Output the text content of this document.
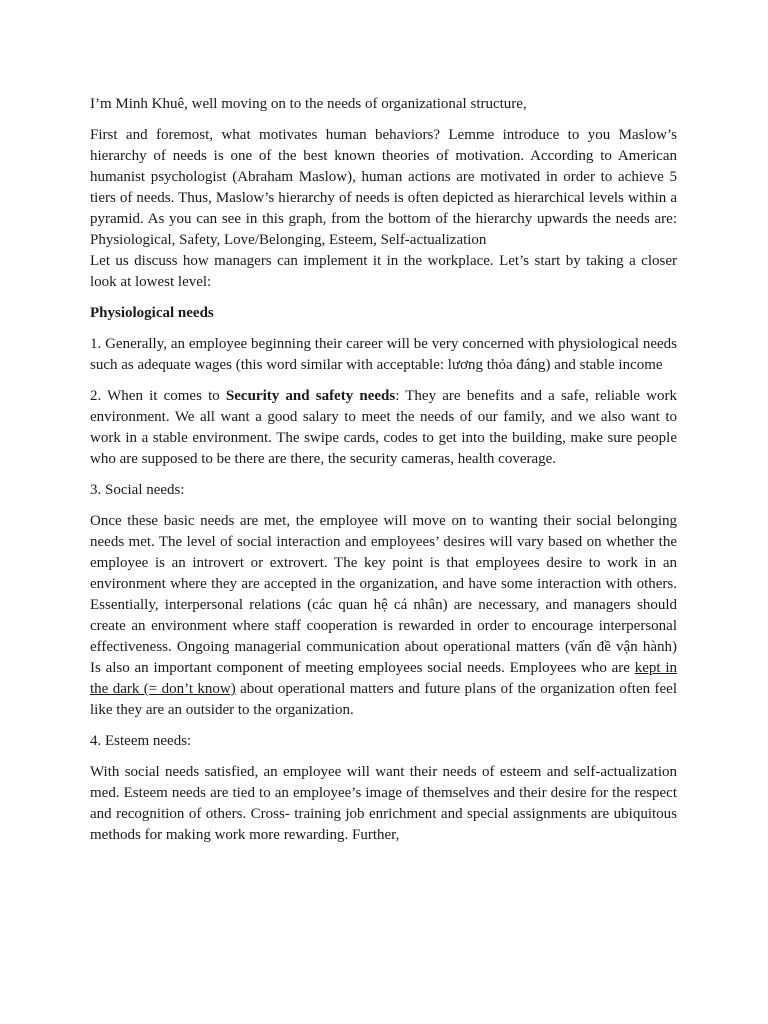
I’m Minh Khuê, well moving on to the needs of organizational structure,

First and foremost, what motivates human behaviors? Lemme introduce to you Maslow’s hierarchy of needs is one of the best known theories of motivation. According to American humanist psychologist (Abraham Maslow), human actions are motivated in order to achieve 5 tiers of needs. Thus, Maslow’s hierarchy of needs is often depicted as hierarchical levels within a pyramid. As you can see in this graph, from the bottom of the hierarchy upwards the needs are: Physiological, Safety, Love/Belonging, Esteem, Self-actualization

Let us discuss how managers can implement it in the workplace. Let’s start by taking a closer look at lowest level:

Physiological needs

1. Generally, an employee beginning their career will be very concerned with physiological needs such as adequate wages (this word similar with acceptable: lương thỏa đáng) and stable income

2. When it comes to Security and safety needs: They are benefits and a safe, reliable work environment. We all want a good salary to meet the needs of our family, and we also want to work in a stable environment. The swipe cards, codes to get into the building, make sure people who are supposed to be there are there, the security cameras, health coverage.

3. Social needs:

Once these basic needs are met, the employee will move on to wanting their social belonging needs met. The level of social interaction and employees’ desires will vary based on whether the employee is an introvert or extrovert. The key point is that employees desire to work in an environment where they are accepted in the organization, and have some interaction with others. Essentially, interpersonal relations (các quan hệ cá nhân) are necessary, and managers should create an environment where staff cooperation is rewarded in order to encourage interpersonal effectiveness. Ongoing managerial communication about operational matters (vấn đề vận hành) Is also an important component of meeting employees social needs. Employees who are kept in the dark (= don’t know) about operational matters and future plans of the organization often feel like they are an outsider to the organization.

4. Esteem needs:

With social needs satisfied, an employee will want their needs of esteem and self-actualization med. Esteem needs are tied to an employee’s image of themselves and their desire for the respect and recognition of others. Cross- training job enrichment and special assignments are ubiquitous methods for making work more rewarding. Further,
